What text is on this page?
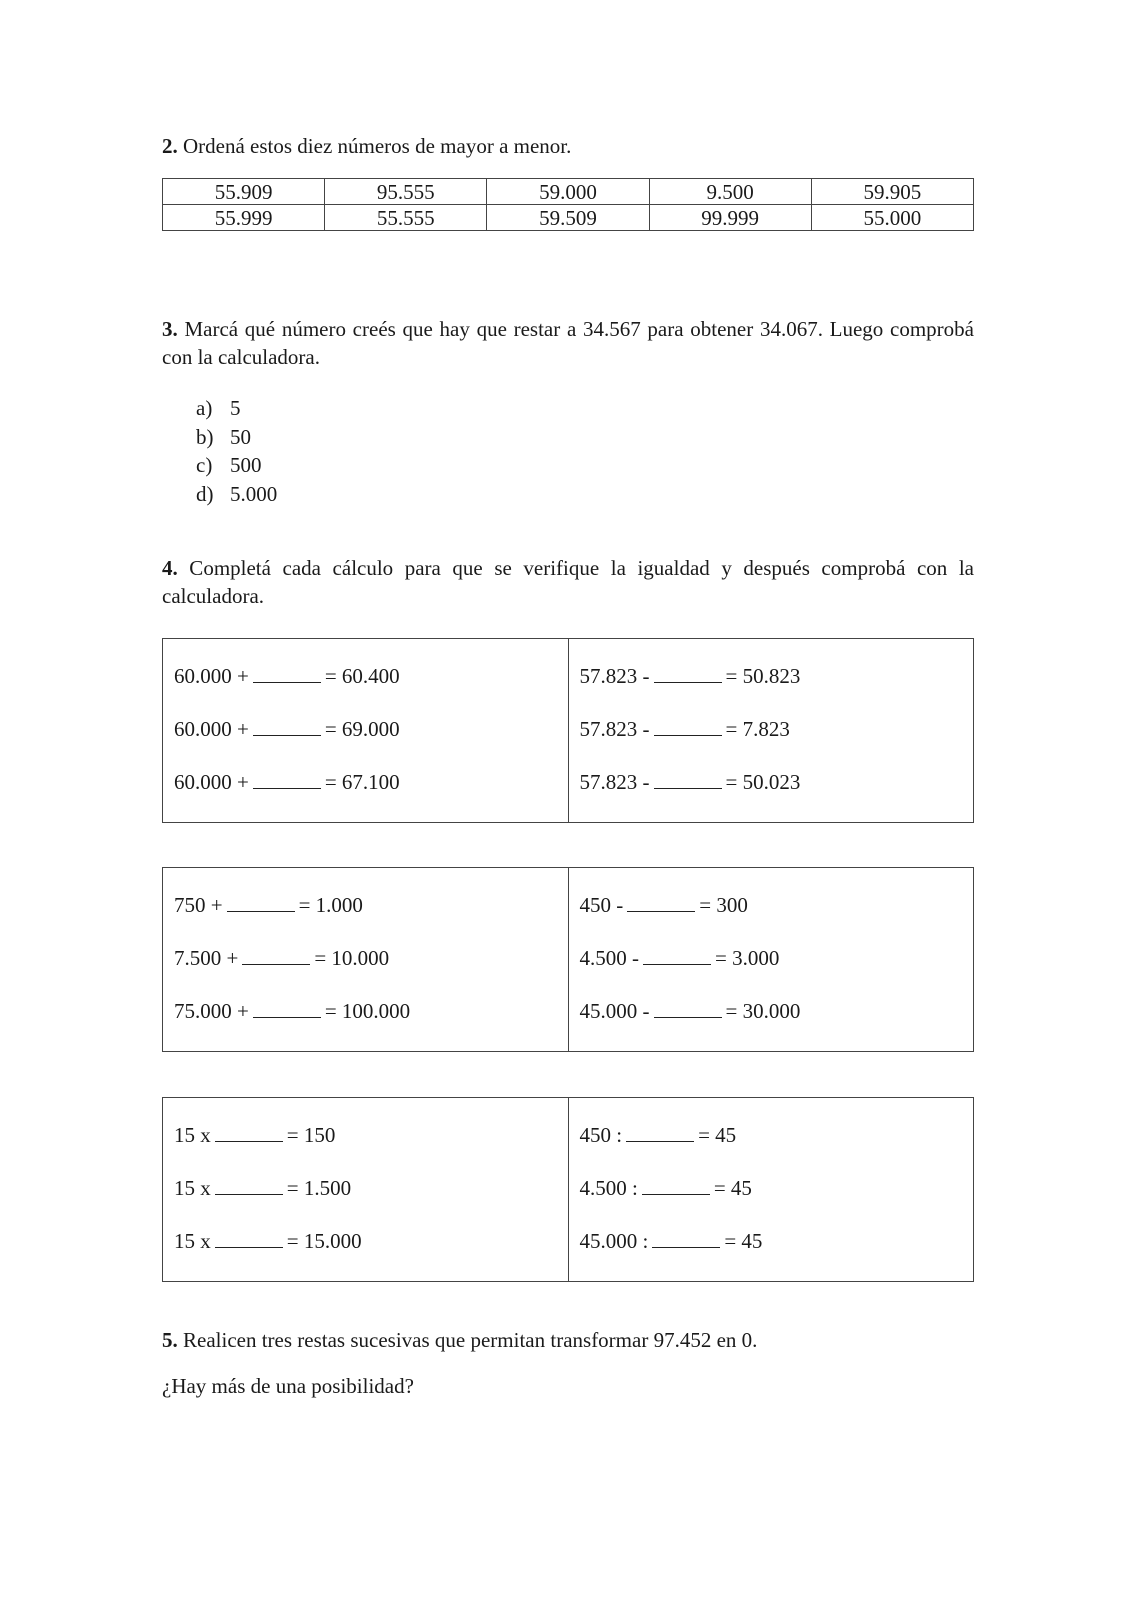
2. Ordená estos diez números de mayor a menor.
55.909	95.555	59.000	9.500	59.905
55.999	55.555	59.509	99.999	55.000
3. Marcá qué número creés que hay que restar a 34.567 para obtener 34.067. Luego comprobá con la calculadora.
a) 5
b) 50
c) 500
d) 5.000
4. Completá cada cálculo para que se verifique la igualdad y después comprobá con la calculadora.
60.000 +	= 60.400
60.000 +	= 69.000
60.000 +	= 67.100
57.823 -	= 50.823
57.823 -	= 7.823
57.823 -	= 50.023
750 +	= 1.000
7.500 +	= 10.000
75.000 +	= 100.000
450 -	= 300
4.500 -	= 3.000
45.000 -	= 30.000
15 x	= 150
15 x	= 1.500
15 x	= 15.000
450 :	= 45
4.500 :	= 45
45.000 :	= 45
5. Realicen tres restas sucesivas que permitan transformar 97.452 en 0.
¿Hay más de una posibilidad?
